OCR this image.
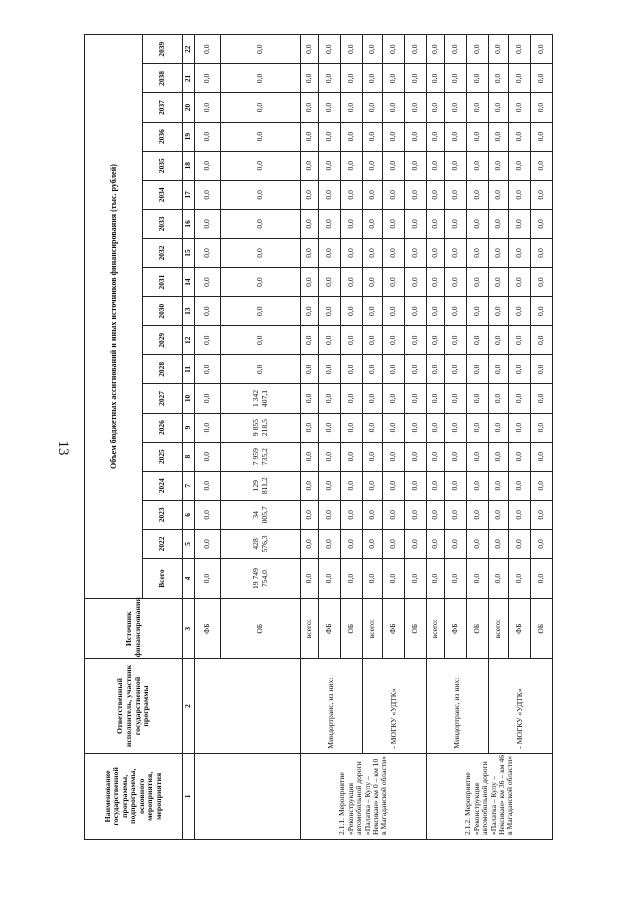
13
Наименование государственной программы, подпрограммы, основного мероприятия, мероприятия	Ответственный исполнитель, участник государственной программы	Источник финансирования	Объем бюджетных ассигнований и иных источников финансирования (тыс. рублей)																		
			Всего	2022	2023	2024	2025	2026	2027	2028	2029	2030	2031	2032	2033	2034	2035	2036	2037	2038	2039
1	2	3	4	5	6	7	8	9	10	11	12	13	14	15	16	17	18	19	20	21	22
		ФБ	0,0	0,0	0,0	0,0	0,0	0,0	0,0	0,0	0,0	0,0	0,0	0,0	0,0	0,0	0,0	0,0	0,0	0,0	0,0
		ОБ	19 749 754,0	428 576,3	34 005,7	129 811,2	7 959 735,2	9 855 218,5	1 342 407,1	0,0	0,0	0,0	0,0	0,0	0,0	0,0	0,0	0,0	0,0	0,0	0,0
2.1.1. Мероприятие «Реконструкция автомобильной дороги «Палатка – Кулу – Нексикан» км 0 – км 10 в Магаданской области»	Миндортранс, из них:	всего:	0,0	0,0	0,0	0,0	0,0	0,0	0,0	0,0	0,0	0,0	0,0	0,0	0,0	0,0	0,0	0,0	0,0	0,0	0,0
		ФБ	0,0	0,0	0,0	0,0	0,0	0,0	0,0	0,0	0,0	0,0	0,0	0,0	0,0	0,0	0,0	0,0	0,0	0,0	0,0
		ОБ	0,0	0,0	0,0	0,0	0,0	0,0	0,0	0,0	0,0	0,0	0,0	0,0	0,0	0,0	0,0	0,0	0,0	0,0	0,0
	- МОГКУ «УДТК»	всего:	0,0	0,0	0,0	0,0	0,0	0,0	0,0	0,0	0,0	0,0	0,0	0,0	0,0	0,0	0,0	0,0	0,0	0,0	0,0
		ФБ	0,0	0,0	0,0	0,0	0,0	0,0	0,0	0,0	0,0	0,0	0,0	0,0	0,0	0,0	0,0	0,0	0,0	0,0	0,0
		ОБ	0,0	0,0	0,0	0,0	0,0	0,0	0,0	0,0	0,0	0,0	0,0	0,0	0,0	0,0	0,0	0,0	0,0	0,0	0,0
2.1.2. Мероприятие «Реконструкция автомобильной дороги «Палатка – Кулу – Нексикан» км 36 – км 46 в Магаданской области»	Миндортранс, из них:	всего:	0,0	0,0	0,0	0,0	0,0	0,0	0,0	0,0	0,0	0,0	0,0	0,0	0,0	0,0	0,0	0,0	0,0	0,0	0,0
		ФБ	0,0	0,0	0,0	0,0	0,0	0,0	0,0	0,0	0,0	0,0	0,0	0,0	0,0	0,0	0,0	0,0	0,0	0,0	0,0
		ОБ	0,0	0,0	0,0	0,0	0,0	0,0	0,0	0,0	0,0	0,0	0,0	0,0	0,0	0,0	0,0	0,0	0,0	0,0	0,0
	- МОГКУ «УДТК»	всего:	0,0	0,0	0,0	0,0	0,0	0,0	0,0	0,0	0,0	0,0	0,0	0,0	0,0	0,0	0,0	0,0	0,0	0,0	0,0
		ФБ	0,0	0,0	0,0	0,0	0,0	0,0	0,0	0,0	0,0	0,0	0,0	0,0	0,0	0,0	0,0	0,0	0,0	0,0	0,0
		ОБ	0,0	0,0	0,0	0,0	0,0	0,0	0,0	0,0	0,0	0,0	0,0	0,0	0,0	0,0	0,0	0,0	0,0	0,0	0,0
